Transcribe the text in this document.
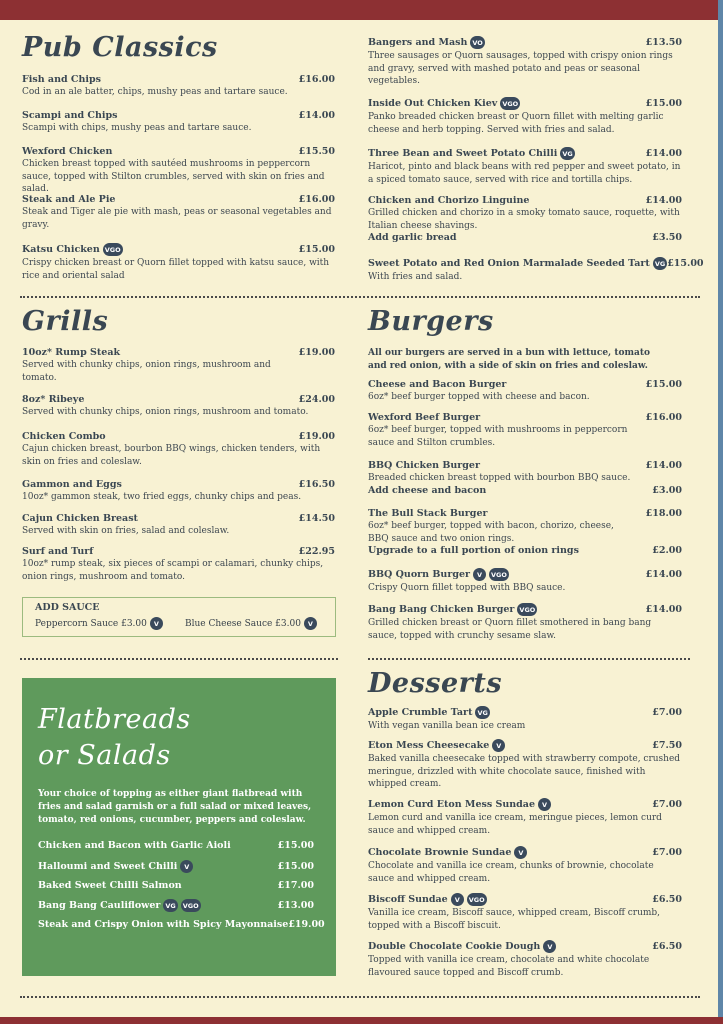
Pub Classics
Fish and Chips	£16.00
Cod in an ale batter, chips, mushy peas and tartare sauce.
Scampi and Chips	£14.00
Scampi with chips, mushy peas and tartare sauce.
Wexford Chicken	£15.50
Chicken breast topped with sautéed mushrooms in peppercorn sauce, topped with Stilton crumbles, served with skin on fries and salad.
Steak and Ale Pie	£16.00
Steak and Tiger ale pie with mash, peas or seasonal vegetables and gravy.
Katsu Chicken VGO	£15.00
Crispy chicken breast or Quorn fillet topped with katsu sauce, with rice and oriental salad
Bangers and Mash VO	£13.50
Three sausages or Quorn sausages, topped with crispy onion rings and gravy, served with mashed potato and peas or seasonal vegetables.
Inside Out Chicken Kiev VGO	£15.00
Panko breaded chicken breast or Quorn fillet with melting garlic cheese and herb topping. Served with fries and salad.
Three Bean and Sweet Potato Chilli VG	£14.00
Haricot, pinto and black beans with red pepper and sweet potato, in a spiced tomato sauce, served with rice and tortilla chips.
Chicken and Chorizo Linguine	£14.00
Grilled chicken and chorizo in a smoky tomato sauce, roquette, with Italian cheese shavings.
Add garlic bread	£3.50
Sweet Potato and Red Onion Marmalade Seeded Tart VG £15.00
With fries and salad.
Grills
10oz* Rump Steak	£19.00
Served with chunky chips, onion rings, mushroom and tomato.
8oz* Ribeye	£24.00
Served with chunky chips, onion rings, mushroom and tomato.
Chicken Combo	£19.00
Cajun chicken breast, bourbon BBQ wings, chicken tenders, with skin on fries and coleslaw.
Gammon and Eggs	£16.50
10oz* gammon steak, two fried eggs, chunky chips and peas.
Cajun Chicken Breast	£14.50
Served with skin on fries, salad and coleslaw.
Surf and Turf	£22.95
10oz* rump steak, six pieces of scampi or calamari, chunky chips, onion rings, mushroom and tomato.
ADD SAUCE
Peppercorn Sauce £3.00	V	Blue Cheese Sauce £3.00	V
Burgers
All our burgers are served in a bun with lettuce, tomato and red onion, with a side of skin on fries and coleslaw.
Cheese and Bacon Burger	£15.00
6oz* beef burger topped with cheese and bacon.
Wexford Beef Burger	£16.00
6oz* beef burger, topped with mushrooms in peppercorn sauce and Stilton crumbles.
BBQ Chicken Burger	£14.00
Breaded chicken breast topped with bourbon BBQ sauce.
Add cheese and bacon	£3.00
The Bull Stack Burger	£18.00
6oz* beef burger, topped with bacon, chorizo, cheese, BBQ sauce and two onion rings.
Upgrade to a full portion of onion rings	£2.00
BBQ Quorn Burger	V	VGO	£14.00
Crispy Quorn fillet topped with BBQ sauce.
Bang Bang Chicken Burger VGO	£14.00
Grilled chicken breast or Quorn fillet smothered in bang bang sauce, topped with crunchy sesame slaw.
Flatbreads
or Salads
Your choice of topping as either giant flatbread with fries and salad garnish or a full salad or mixed leaves, tomato, red onions, cucumber, peppers and coleslaw.
Chicken and Bacon with Garlic Aioli	£15.00
Halloumi and Sweet Chilli	V	£15.00
Baked Sweet Chilli Salmon	£17.00
Bang Bang Cauliflower VG	VGO	£13.00
Steak and Crispy Onion with Spicy Mayonnaise £19.00
Desserts
Apple Crumble Tart VG	£7.00
With vegan vanilla bean ice cream
Eton Mess Cheesecake	V	£7.50
Baked vanilla cheesecake topped with strawberry compote, crushed meringue, drizzled with white chocolate sauce, finished with whipped cream.
Lemon Curd Eton Mess Sundae	V	£7.00
Lemon curd and vanilla ice cream, meringue pieces, lemon curd sauce and whipped cream.
Chocolate Brownie Sundae	V	£7.00
Chocolate and vanilla ice cream, chunks of brownie, chocolate sauce and whipped cream.
Biscoff Sundae	V	VGO	£6.50
Vanilla ice cream, Biscoff sauce, whipped cream, Biscoff crumb, topped with a Biscoff biscuit.
Double Chocolate Cookie Dough	V	£6.50
Topped with vanilla ice cream, chocolate and white chocolate flavoured sauce topped and Biscoff crumb.
